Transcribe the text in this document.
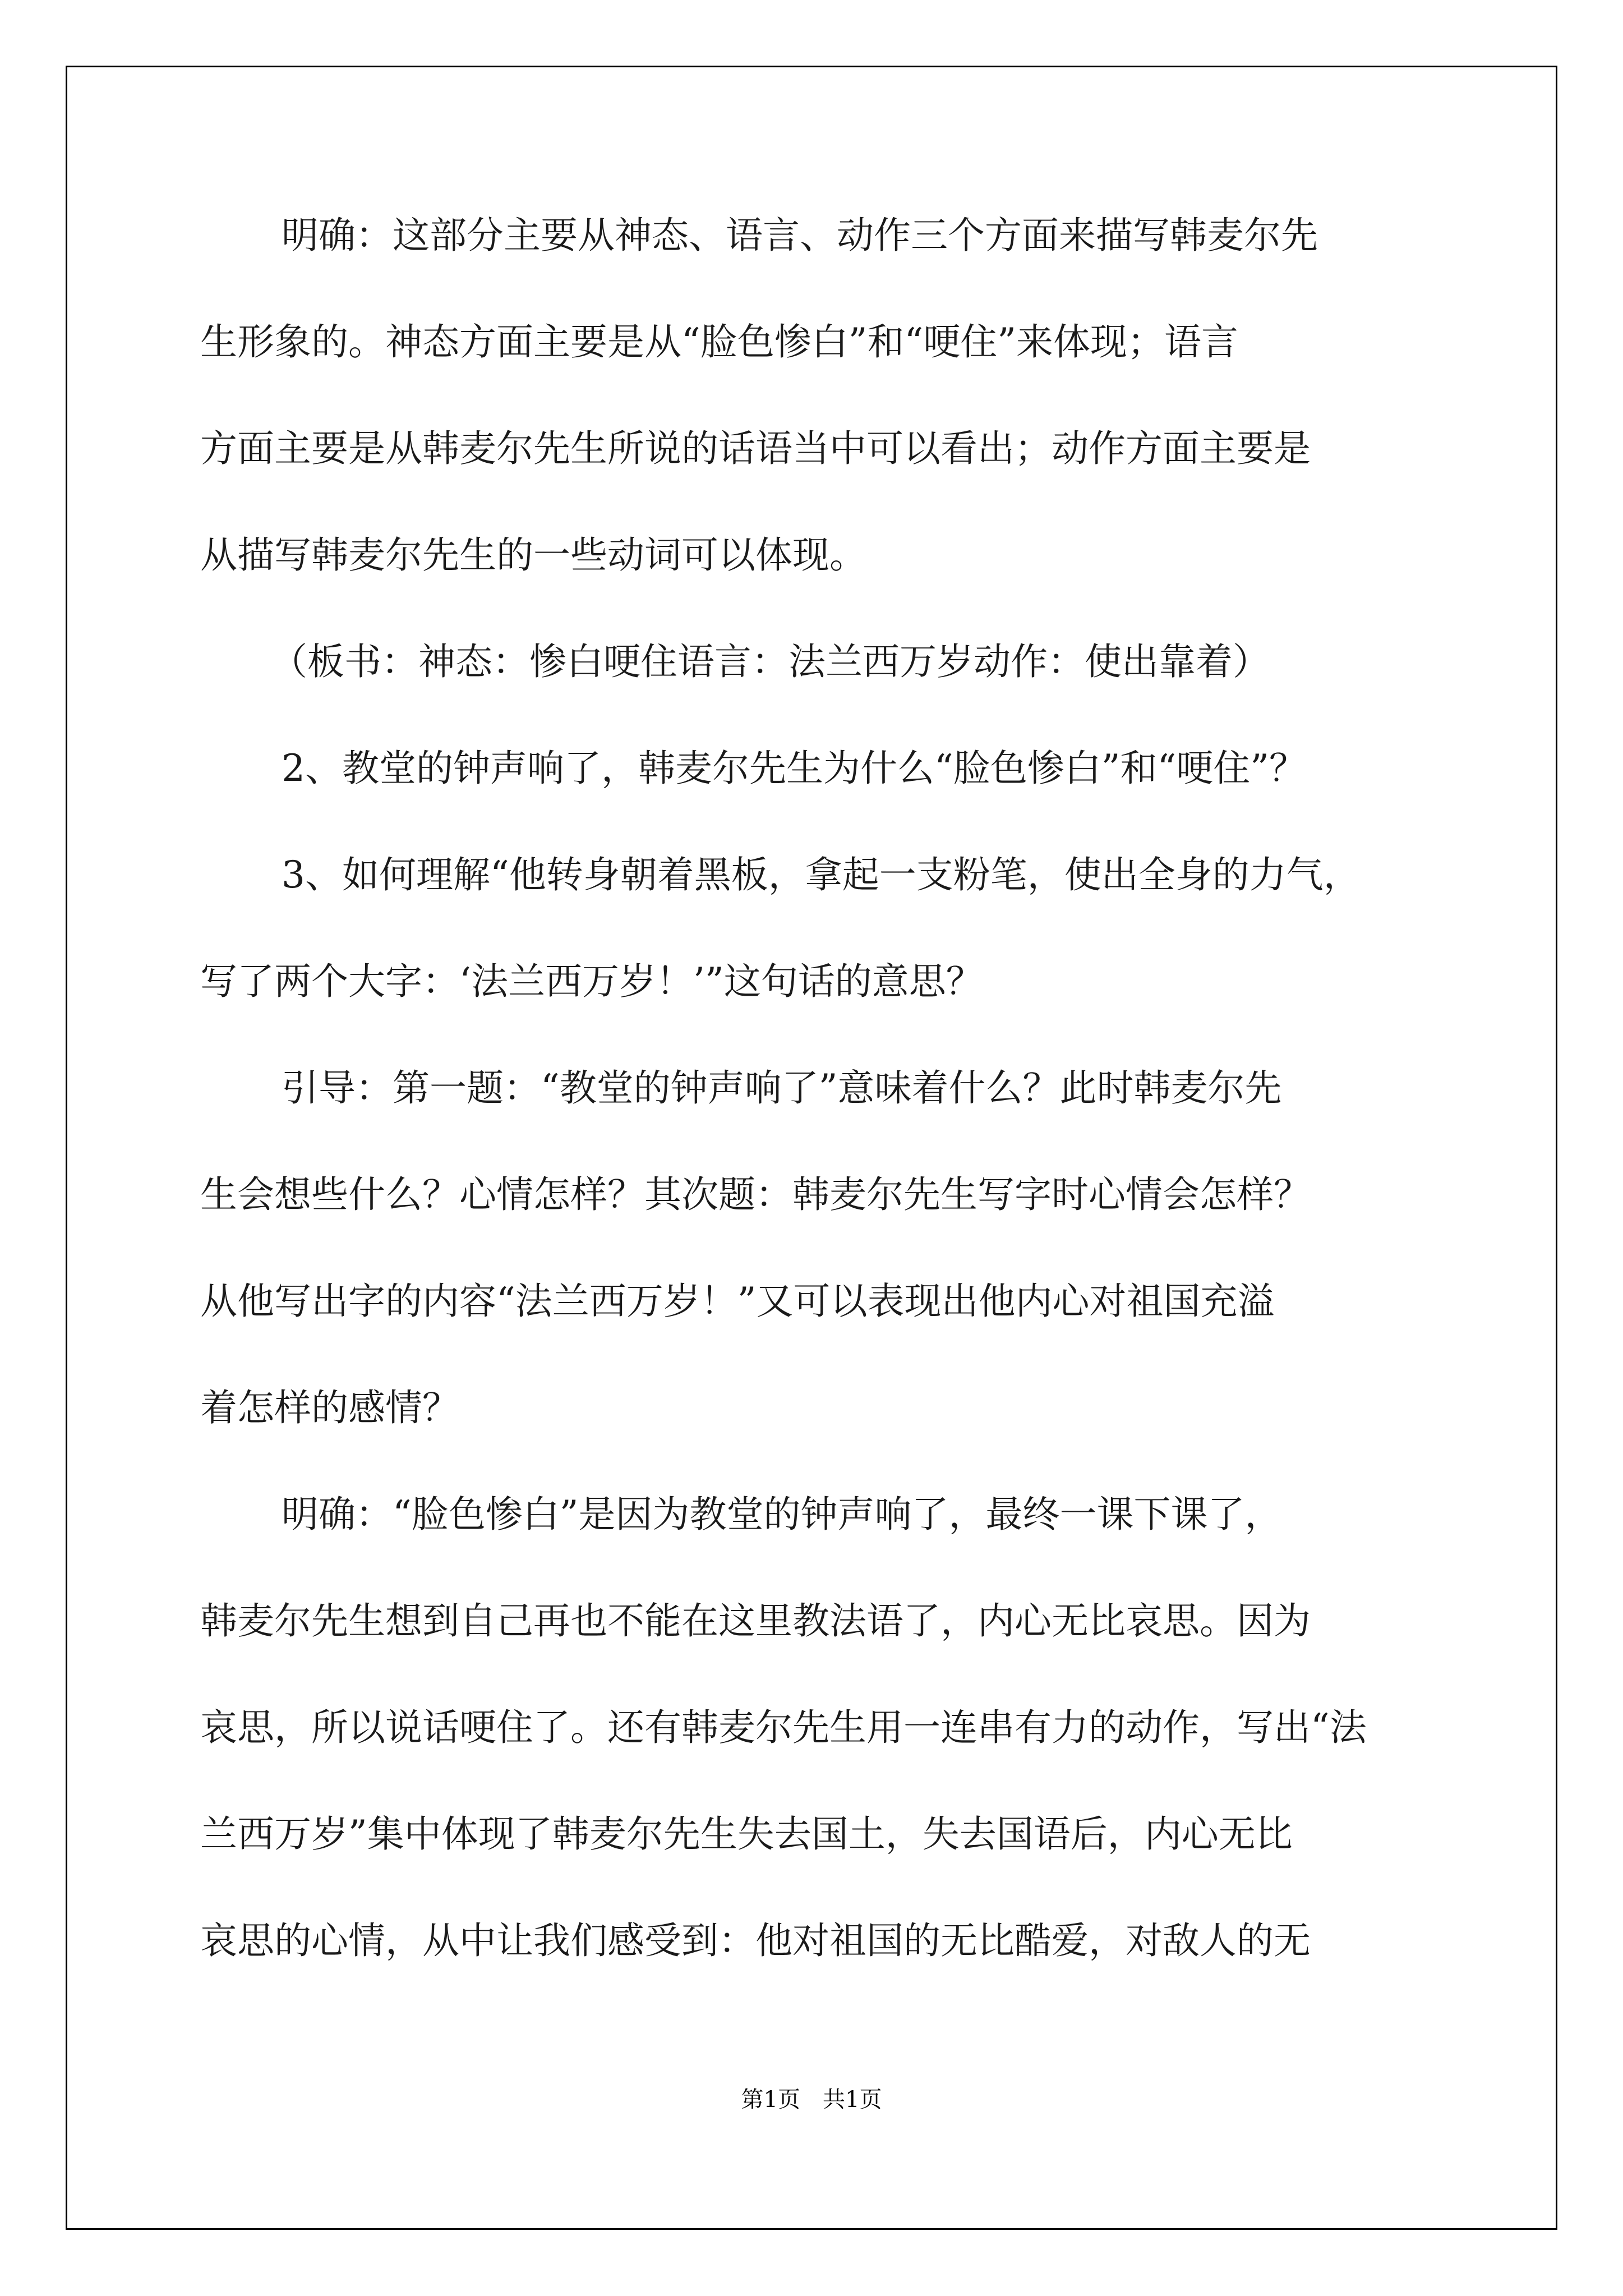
明确：这部分主要从神态、语言、动作三个方面来描写韩麦尔先
生形象的。神态方面主要是从“脸色惨白”和“哽住”来体现；语言
方面主要是从韩麦尔先生所说的话语当中可以看出；动作方面主要是
从描写韩麦尔先生的一些动词可以体现。
（板书：神态：惨白哽住语言：法兰西万岁动作：使出靠着）
2、教堂的钟声响了，韩麦尔先生为什么“脸色惨白”和“哽住”？
3、如何理解“他转身朝着黑板，拿起一支粉笔，使出全身的力气，
写了两个大字：‘法兰西万岁！’”这句话的意思？
引导：第一题：“教堂的钟声响了”意味着什么？此时韩麦尔先
生会想些什么？心情怎样？其次题：韩麦尔先生写字时心情会怎样？
从他写出字的内容“法兰西万岁！”又可以表现出他内心对祖国充溢
着怎样的感情？
明确：“脸色惨白”是因为教堂的钟声响了，最终一课下课了，
韩麦尔先生想到自己再也不能在这里教法语了，内心无比哀思。因为
哀思，所以说话哽住了。还有韩麦尔先生用一连串有力的动作，写出“法
兰西万岁”集中体现了韩麦尔先生失去国土，失去国语后，内心无比
哀思的心情，从中让我们感受到：他对祖国的无比酷爱，对敌人的无
第1页　共1页
